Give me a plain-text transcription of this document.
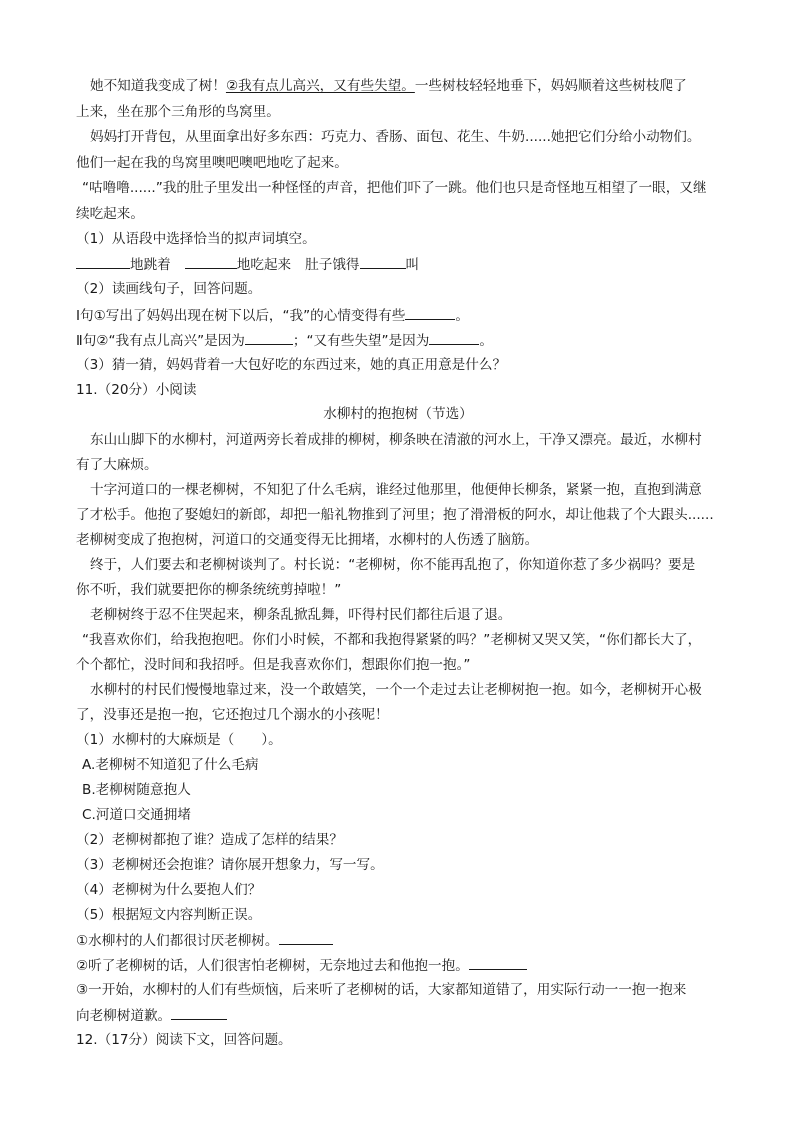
她不知道我变成了树！②我有点儿高兴，又有些失望。一些树枝轻轻地垂下，妈妈顺着这些树枝爬了
上来，坐在那个三角形的鸟窝里。
妈妈打开背包，从里面拿出好多东西：巧克力、香肠、面包、花生、牛奶......她把它们分给小动物们。
他们一起在我的鸟窝里噢吧噢吧地吃了起来。
“咕噜噜......”我的肚子里发出一种怪怪的声音，把他们吓了一跳。他们也只是奇怪地互相望了一眼，又继
续吃起来。
（1）从语段中选择恰当的拟声词填空。
地跳着	地吃起来 肚子饿得	叫
（2）读画线句子，回答问题。
Ⅰ句①写出了妈妈出现在树下以后，“我”的心情变得有些	。
Ⅱ句②“我有点儿高兴”是因为	；“又有些失望”是因为	。
（3）猜一猜，妈妈背着一大包好吃的东西过来，她的真正用意是什么？
11.（20分）小阅读
水柳村的抱抱树（节选）
东山山脚下的水柳村，河道两旁长着成排的柳树，柳条映在清澈的河水上，干净又漂亮。最近，水柳村
有了大麻烦。
十字河道口的一棵老柳树，不知犯了什么毛病，谁经过他那里，他便伸长柳条，紧紧一抱，直抱到满意
了才松手。他抱了娶媳妇的新郎，却把一船礼物推到了河里；抱了滑滑板的阿水，却让他栽了个大跟头......
老柳树变成了抱抱树，河道口的交通变得无比拥堵，水柳村的人伤透了脑筋。
终于，人们要去和老柳树谈判了。村长说：“老柳树，你不能再乱抱了，你知道你惹了多少祸吗？要是
你不听，我们就要把你的柳条统统剪掉啦！”
老柳树终于忍不住哭起来，柳条乱掀乱舞，吓得村民们都往后退了退。
“我喜欢你们，给我抱抱吧。你们小时候，不都和我抱得紧紧的吗？”老柳树又哭又笑，“你们都长大了，
个个都忙，没时间和我招呼。但是我喜欢你们，想跟你们抱一抱。”
水柳村的村民们慢慢地靠过来，没一个敢嬉笑，一个一个走过去让老柳树抱一抱。如今，老柳树开心极
了，没事还是抱一抱，它还抱过几个溺水的小孩呢！
（1）水柳村的大麻烦是（　　）。
A.老柳树不知道犯了什么毛病
B.老柳树随意抱人
C.河道口交通拥堵
（2）老柳树都抱了谁？造成了怎样的结果？
（3）老柳树还会抱谁？请你展开想象力，写一写。
（4）老柳树为什么要抱人们？
（5）根据短文内容判断正误。
①水柳村的人们都很讨厌老柳树。
②听了老柳树的话，人们很害怕老柳树，无奈地过去和他抱一抱。
③一开始，水柳村的人们有些烦恼，后来听了老柳树的话，大家都知道错了，用实际行动一一抱一抱来
向老柳树道歉。
12.（17分）阅读下文，回答问题。
